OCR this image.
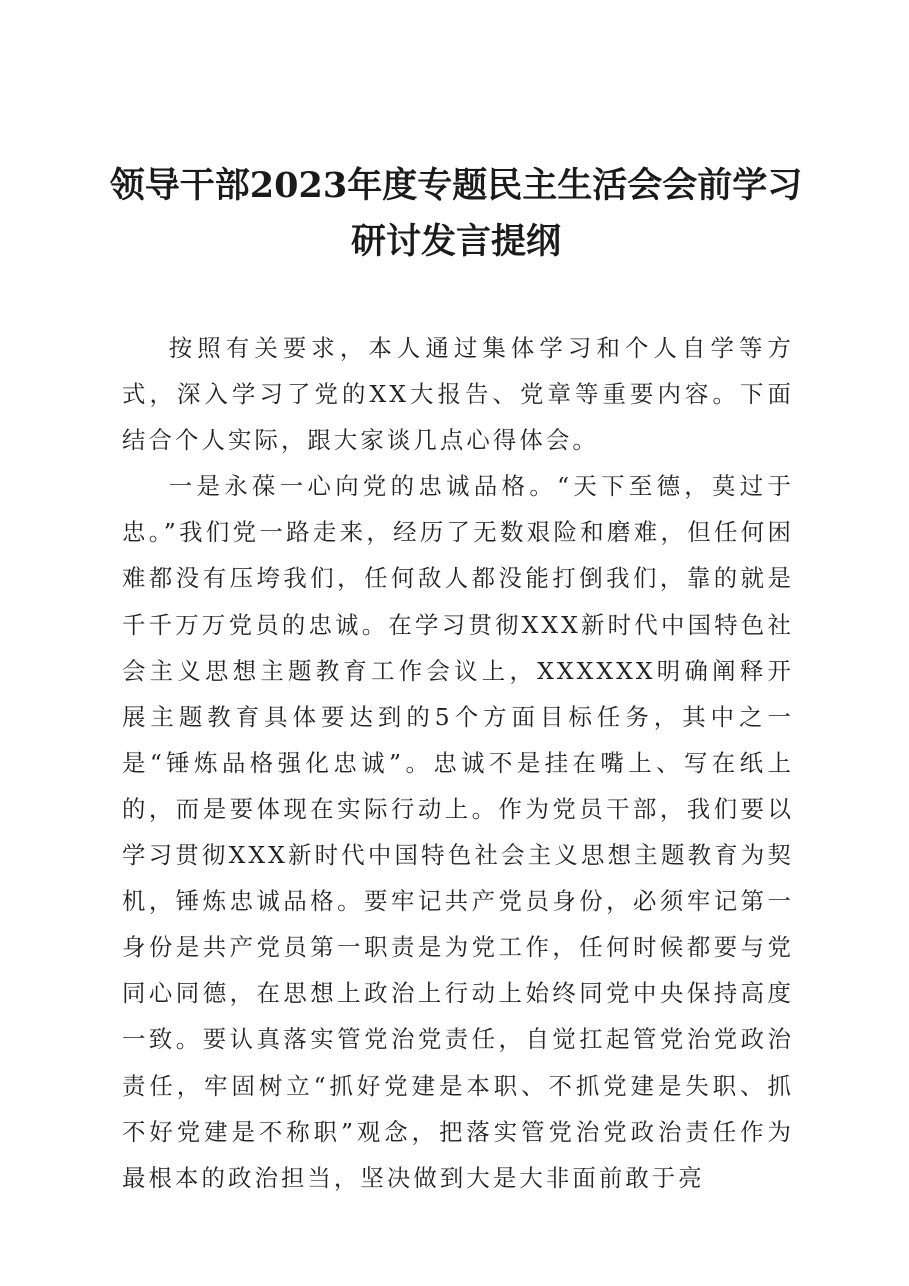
领导干部2023年度专题民主生活会会前学习研讨发言提纲

按照有关要求，本人通过集体学习和个人自学等方式，深入学习了党的XX大报告、党章等重要内容。下面结合个人实际，跟大家谈几点心得体会。

一是永葆一心向党的忠诚品格。“天下至德，莫过于忠。”我们党一路走来，经历了无数艰险和磨难，但任何困难都没有压垮我们，任何敌人都没能打倒我们，靠的就是千千万万党员的忠诚。在学习贯彻XXX新时代中国特色社会主义思想主题教育工作会议上，XXXXXX明确阐释开展主题教育具体要达到的5个方面目标任务，其中之一是“锤炼品格强化忠诚”。忠诚不是挂在嘴上、写在纸上的，而是要体现在实际行动上。作为党员干部，我们要以学习贯彻XXX新时代中国特色社会主义思想主题教育为契机，锤炼忠诚品格。要牢记共产党员身份，必须牢记第一身份是共产党员第一职责是为党工作，任何时候都要与党同心同德，在思想上政治上行动上始终同党中央保持高度一致。要认真落实管党治党责任，自觉扛起管党治党政治责任，牢固树立“抓好党建是本职、不抓党建是失职、抓不好党建是不称职”观念，把落实管党治党政治责任作为最根本的政治担当，坚决做到大是大非面前敢于亮
